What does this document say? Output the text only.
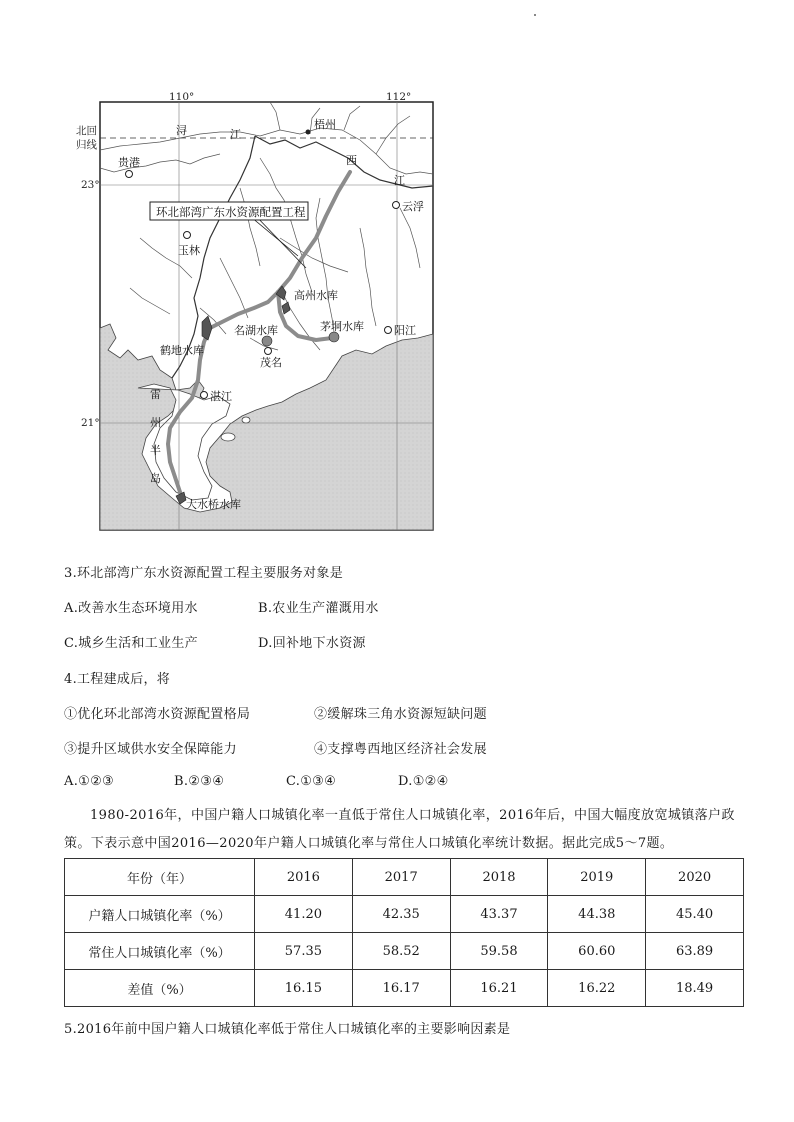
环北部湾广东水资源配置工程
110°	112°
23°
21°
北回
归线
浔	江
西
江
梧州
贵港
云浮
玉林
茂名
阳江
湛江
高州水库
名湖水库	茅垌水库
鹤地水库
大水桥水库
雷
州
半
岛
3.环北部湾广东水资源配置工程主要服务对象是
A.改善水生态环境用水	B.农业生产灌溉用水
C.城乡生活和工业生产	D.回补地下水资源
4.工程建成后，将
①优化环北部湾水资源配置格局	②缓解珠三角水资源短缺问题
③提升区域供水安全保障能力	④支撑粤西地区经济社会发展
A.①②③	B.②③④	C.①③④	D.①②④
1980-2016年，中国户籍人口城镇化率一直低于常住人口城镇化率，2016年后，中国大幅度放宽城镇落户政策。下表示意中国2016—2020年户籍人口城镇化率与常住人口城镇化率统计数据。据此完成5～7题。
年份（年）	2016	2017	2018	2019	2020
户籍人口城镇化率（%）	41.20	42.35	43.37	44.38	45.40
常住人口城镇化率（%）	57.35	58.52	59.58	60.60	63.89
差值（%）	16.15	16.17	16.21	16.22	18.49
5.2016年前中国户籍人口城镇化率低于常住人口城镇化率的主要影响因素是
